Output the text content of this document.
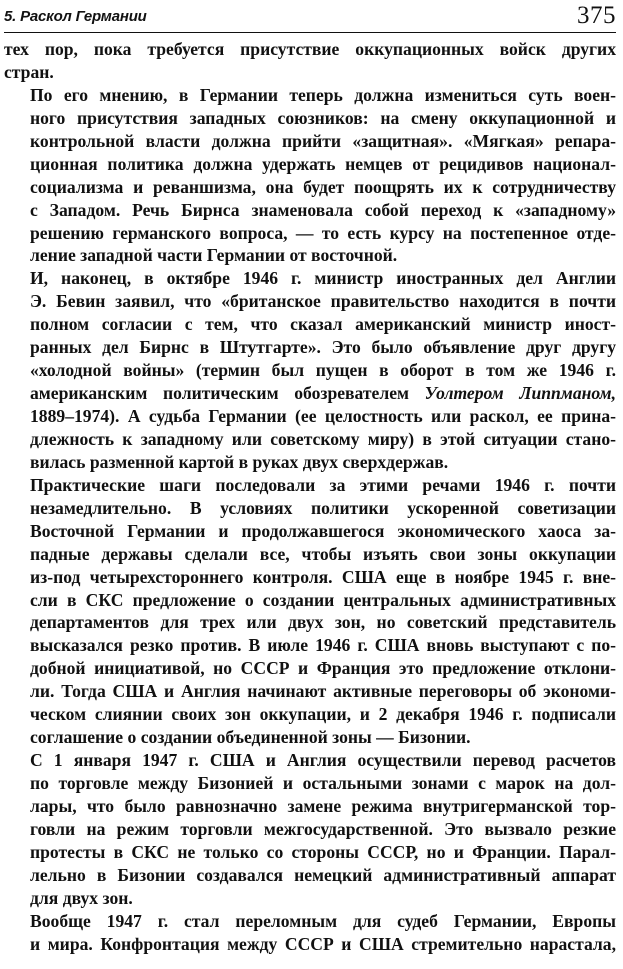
5. Раскол Германии	375

тех пор, пока требуется присутствие оккупационных войск других
стран.

По его мнению, в Германии теперь должна измениться суть воен-
ного присутствия западных союзников: на смену оккупационной и
контрольной власти должна прийти «защитная». «Мягкая» репара-
ционная политика должна удержать немцев от рецидивов национал-
социализма и реваншизма, она будет поощрять их к сотрудничеству
с Западом. Речь Бирнса знаменовала собой переход к «западному»
решению германского вопроса, — то есть курсу на постепенное отде-
ление западной части Германии от восточной.

И, наконец, в октябре 1946 г. министр иностранных дел Англии
Э. Бевин заявил, что «британское правительство находится в почти
полном согласии с тем, что сказал американский министр иност-
ранных дел Бирнс в Штутгарте». Это было объявление друг другу
«холодной войны» (термин был пущен в оборот в том же 1946 г.
американским политическим обозревателем Уолтером Липпманом,
1889–1974). А судьба Германии (ее целостность или раскол, ее прина-
длежность к западному или советскому миру) в этой ситуации стано-
вилась разменной картой в руках двух сверхдержав.

Практические шаги последовали за этими речами 1946 г. почти
незамедлительно. В условиях политики ускоренной советизации
Восточной Германии и продолжавшегося экономического хаоса за-
падные державы сделали все, чтобы изъять свои зоны оккупации
из-под четырехстороннего контроля. США еще в ноябре 1945 г. вне-
сли в СКС предложение о создании центральных административных
департаментов для трех или двух зон, но советский представитель
высказался резко против. В июле 1946 г. США вновь выступают с по-
добной инициативой, но СССР и Франция это предложение отклони-
ли. Тогда США и Англия начинают активные переговоры об экономи-
ческом слиянии своих зон оккупации, и 2 декабря 1946 г. подписали
соглашение о создании объединенной зоны — Бизонии.

С 1 января 1947 г. США и Англия осуществили перевод расчетов
по торговле между Бизонией и остальными зонами с марок на дол-
лары, что было равнозначно замене режима внутригерманской тор-
говли на режим торговли межгосударственной. Это вызвало резкие
протесты в СКС не только со стороны СССР, но и Франции. Парал-
лельно в Бизонии создавался немецкий административный аппарат
для двух зон.

Вообще 1947 г. стал переломным для судеб Германии, Европы
и мира. Конфронтация между СССР и США стремительно нарастала,
